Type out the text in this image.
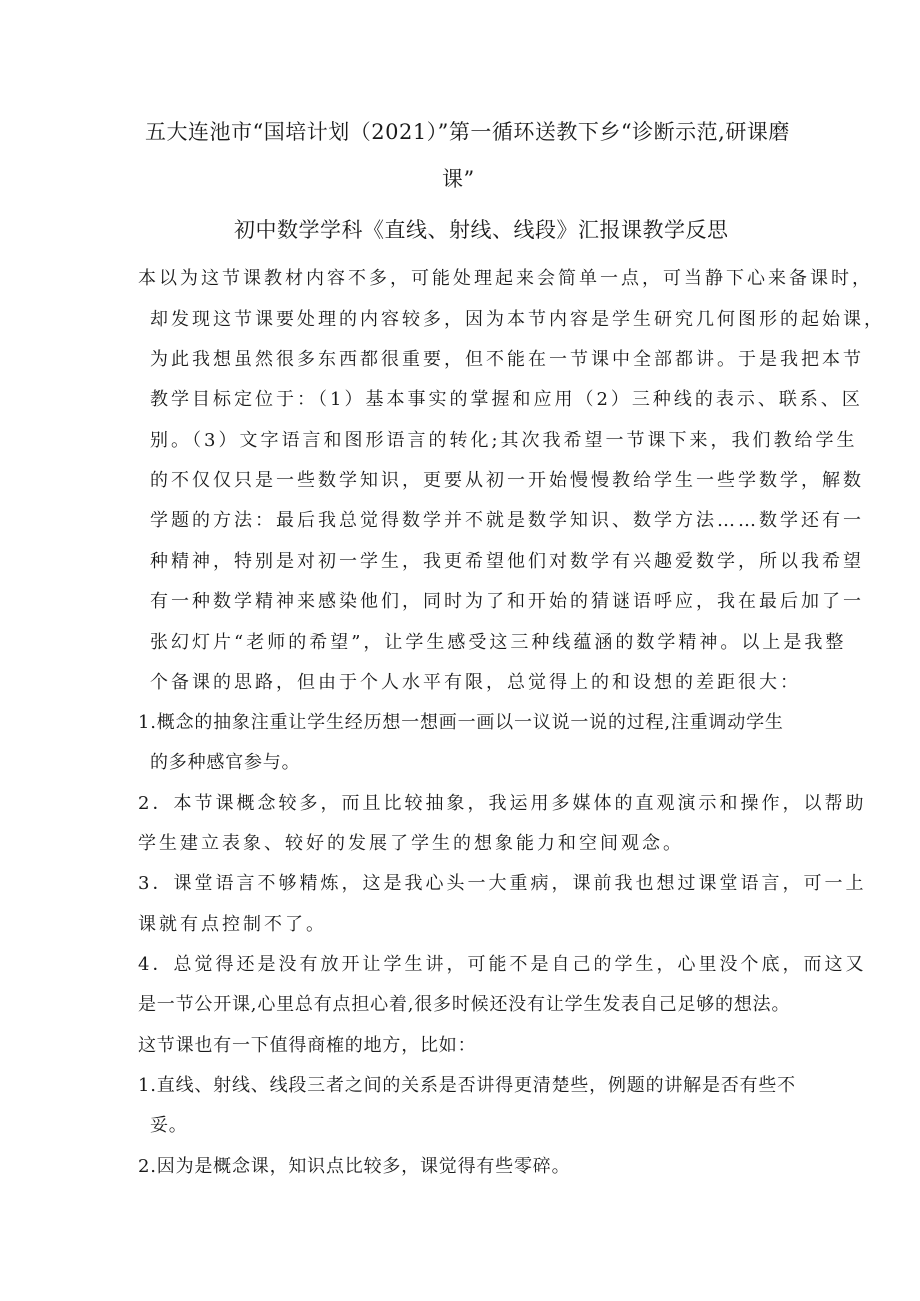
五大连池市“国培计划（2021）”第一循环送教下乡“诊断示范,研课磨
课”
初中数学学科《直线、射线、线段》汇报课教学反思
本以为这节课教材内容不多，可能处理起来会简单一点，可当静下心来备课时，
却发现这节课要处理的内容较多，因为本节内容是学生研究几何图形的起始课，
为此我想虽然很多东西都很重要，但不能在一节课中全部都讲。于是我把本节
教学目标定位于：（1）基本事实的掌握和应用（2）三种线的表示、联系、区
别。（3）文字语言和图形语言的转化;其次我希望一节课下来，我们教给学生
的不仅仅只是一些数学知识，更要从初一开始慢慢教给学生一些学数学，解数
学题的方法：最后我总觉得数学并不就是数学知识、数学方法……数学还有一
种精神，特别是对初一学生，我更希望他们对数学有兴趣爱数学，所以我希望
有一种数学精神来感染他们，同时为了和开始的猜谜语呼应，我在最后加了一
张幻灯片“老师的希望”，让学生感受这三种线蕴涵的数学精神。以上是我整
个备课的思路，但由于个人水平有限，总觉得上的和设想的差距很大：
1.概念的抽象注重让学生经历想一想画一画以一议说一说的过程,注重调动学生
的多种感官参与。
2．本节课概念较多，而且比较抽象，我运用多媒体的直观演示和操作，以帮助
学生建立表象、较好的发展了学生的想象能力和空间观念。
3．课堂语言不够精炼，这是我心头一大重病，课前我也想过课堂语言，可一上
课就有点控制不了。
4．总觉得还是没有放开让学生讲，可能不是自己的学生，心里没个底，而这又
是一节公开课,心里总有点担心着,很多时候还没有让学生发表自己足够的想法。
这节课也有一下值得商榷的地方，比如：
1.直线、射线、线段三者之间的关系是否讲得更清楚些，例题的讲解是否有些不
妥。
2.因为是概念课，知识点比较多，课觉得有些零碎。
